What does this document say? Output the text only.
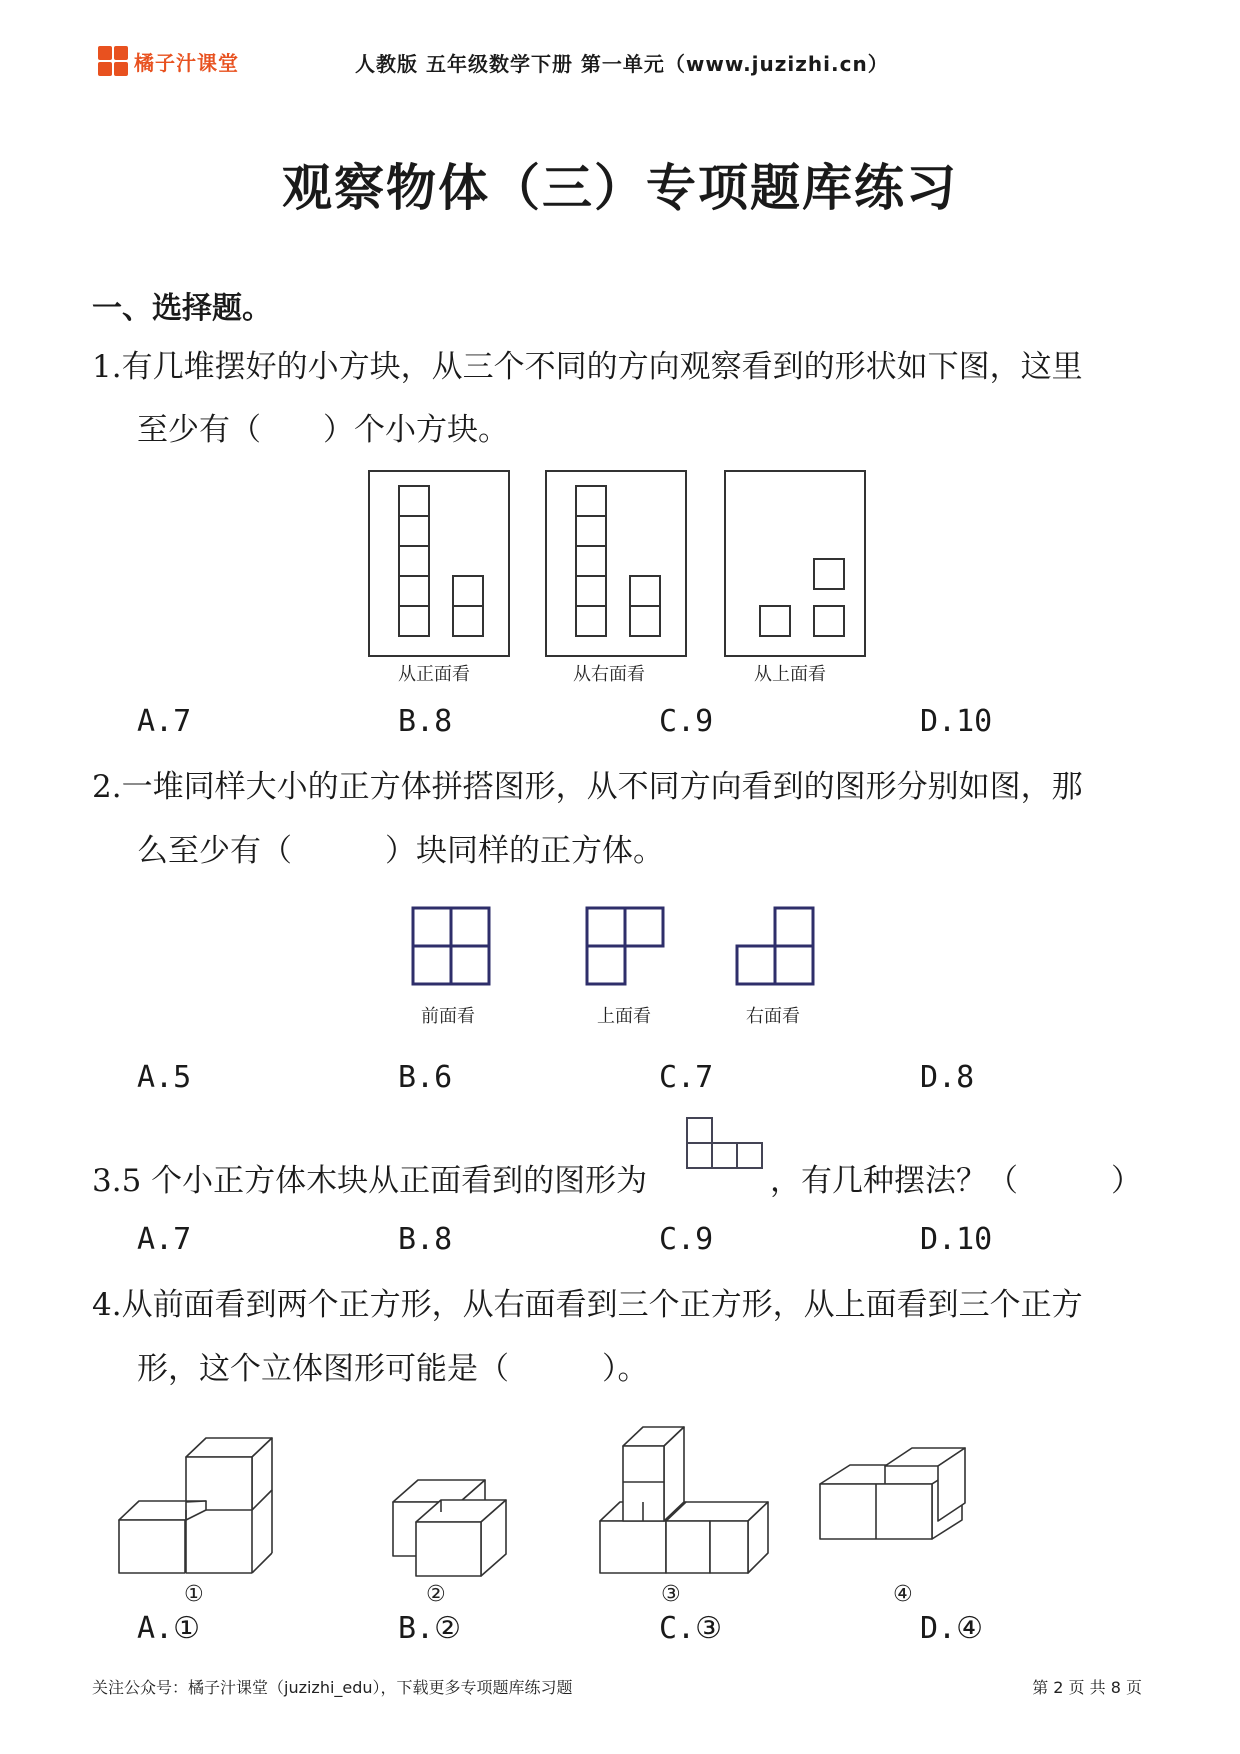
橘子汁课堂	人教版 五年级数学下册 第一单元（www.juzizhi.cn）
观察物体（三）专项题库练习
一、选择题。
1.有几堆摆好的小方块，从三个不同的方向观察看到的形状如下图，这里
至少有（　　）个小方块。
从正面看	从右面看	从上面看
A.7	B.8	C.9	D.10
2.一堆同样大小的正方体拼搭图形，从不同方向看到的图形分别如图，那
么至少有（　　　）块同样的正方体。
前面看	上面看	右面看
A.5	B.6	C.7	D.8
3.5 个小正方体木块从正面看到的图形为	，有几种摆法？（　　　）
A.7	B.8	C.9	D.10
4.从前面看到两个正方形，从右面看到三个正方形，从上面看到三个正方
形，这个立体图形可能是（　　　）。
①	②	③	④
A.①	B.②	C.③	D.④
关注公众号：橘子汁课堂（juzizhi_edu），下载更多专项题库练习题	第 2 页 共 8 页
